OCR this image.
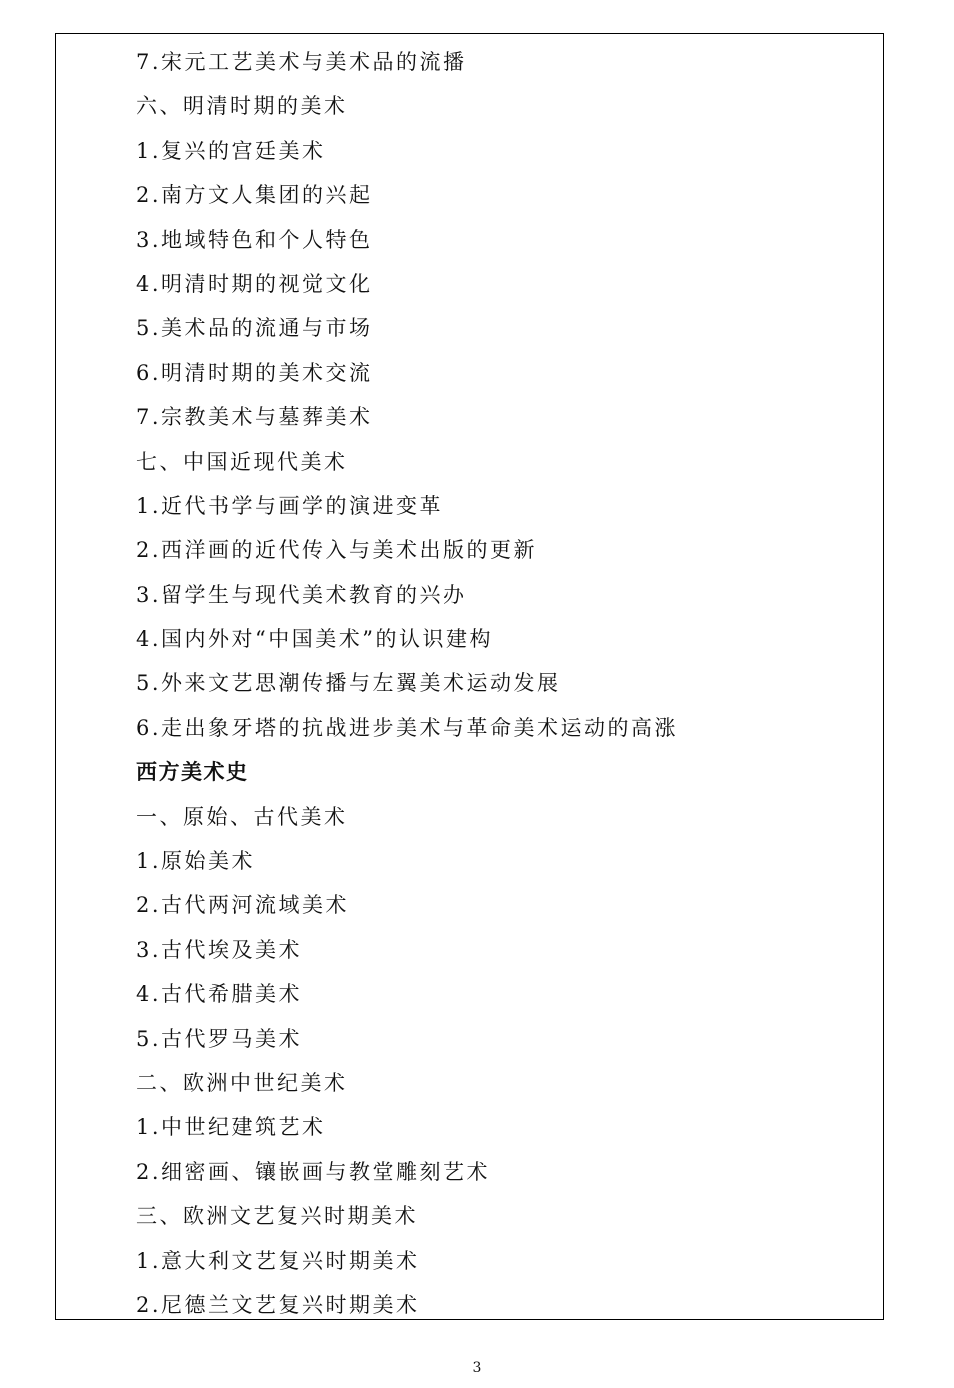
7.宋元工艺美术与美术品的流播
六、明清时期的美术
1.复兴的宫廷美术
2.南方文人集团的兴起
3.地域特色和个人特色
4.明清时期的视觉文化
5.美术品的流通与市场
6.明清时期的美术交流
7.宗教美术与墓葬美术
七、中国近现代美术
1.近代书学与画学的演进变革
2.西洋画的近代传入与美术出版的更新
3.留学生与现代美术教育的兴办
4.国内外对“中国美术”的认识建构
5.外来文艺思潮传播与左翼美术运动发展
6.走出象牙塔的抗战进步美术与革命美术运动的高涨
西方美术史
一、原始、古代美术
1.原始美术
2.古代两河流域美术
3.古代埃及美术
4.古代希腊美术
5.古代罗马美术
二、欧洲中世纪美术
1.中世纪建筑艺术
2.细密画、镶嵌画与教堂雕刻艺术
三、欧洲文艺复兴时期美术
1.意大利文艺复兴时期美术
2.尼德兰文艺复兴时期美术
3
